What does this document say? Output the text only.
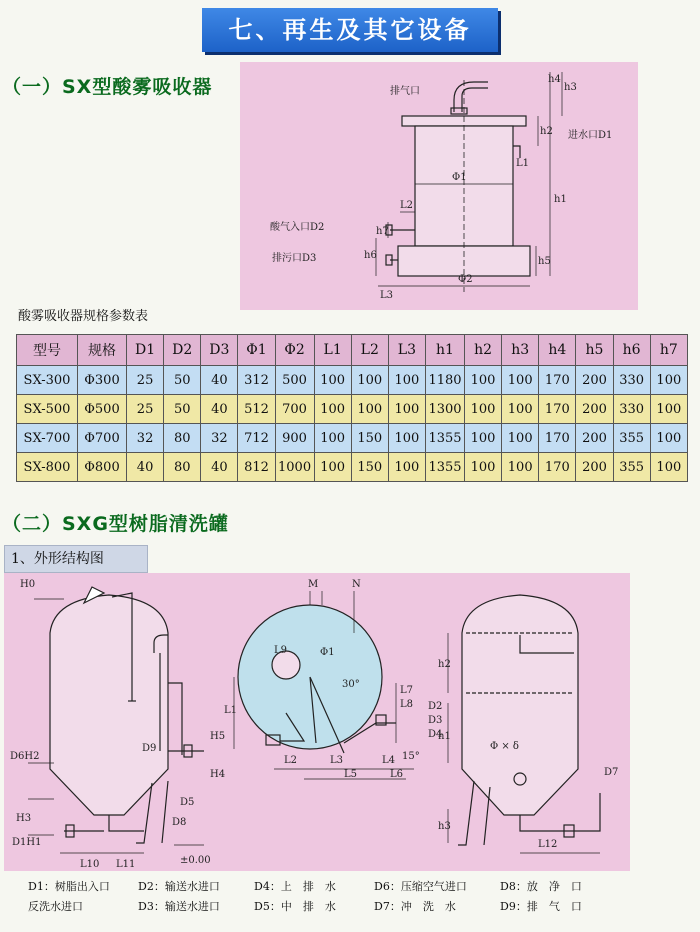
七、再生及其它设备
（一）SX型酸雾吸收器	排气口
进水口D1
酸气入口D2
排污口D3
Φ1
Φ2
h1
h2
h3
h4
h5
h6
h7
L1
L2
L3
酸雾吸收器规格参数表
型号	规格	D1	D2	D3	Φ1	Φ2	L1	L2	L3	h1	h2	h3	h4	h5	h6	h7
SX-300	Φ300	25	50	40	312	500	100	100	100	1180	100	100	170	200	330	100
SX-500	Φ500	25	50	40	512	700	100	100	100	1300	100	100	170	200	330	100
SX-700	Φ700	32	80	32	712	900	100	150	100	1355	100	100	170	200	355	100
SX-800	Φ800	40	80	40	812	1000	100	150	100	1355	100	100	170	200	355	100
（二）SXG型树脂清洗罐
1、外形结构图
H0
D6H2
H3
D1H1
H5
H4
D9
D5
D8
L10 L11	±0.00
M	N
L9	Φ1
30°
L1
L2	L3	L4
L5	L6
L7
L8 D2
D3
D4
15°
h2
h1
h3
Φ × δ
D7
L12
D1：树脂出入口	D2：输送水进口	D4：上　排　水	D6：压缩空气进口	D8：放　净　口
反洗水进口	D3：输送水进口	D5：中　排　水	D7：冲　洗　水	D9：排　气　口
